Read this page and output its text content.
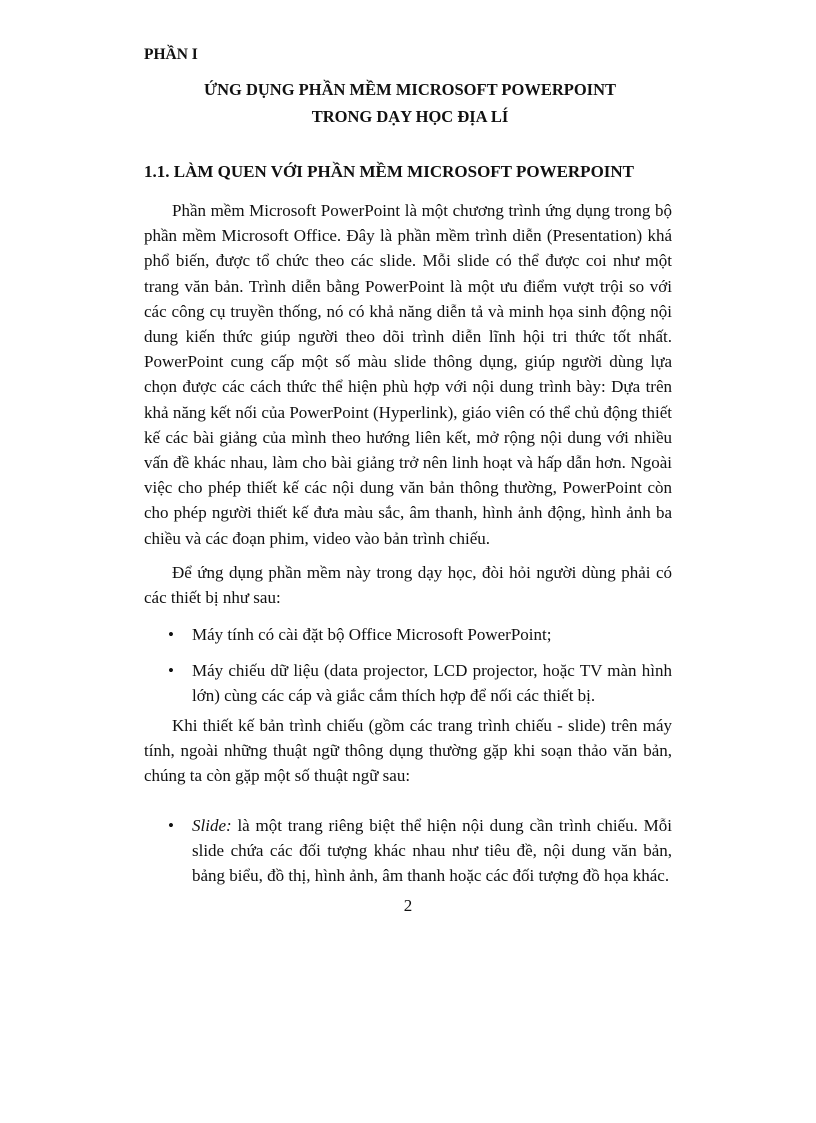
PHẦN I
ỨNG DỤNG PHẦN MỀM MICROSOFT POWERPOINT
TRONG DẠY HỌC ĐỊA LÍ
1.1. LÀM QUEN VỚI PHẦN MỀM MICROSOFT POWERPOINT
Phần mềm Microsoft PowerPoint là một chương trình ứng dụng trong bộ phần mềm Microsoft Office. Đây là phần mềm trình diễn (Presentation) khá phổ biến, được tổ chức theo các slide. Mỗi slide có thể được coi như một trang văn bản. Trình diễn bằng PowerPoint là một ưu điểm vượt trội so với các công cụ truyền thống, nó có khả năng diễn tả và minh họa sinh động nội dung kiến thức giúp người theo dõi trình diễn lĩnh hội tri thức tốt nhất. PowerPoint cung cấp một số màu slide thông dụng, giúp người dùng lựa chọn được các cách thức thể hiện phù hợp với nội dung trình bày: Dựa trên khả năng kết nối của PowerPoint (Hyperlink), giáo viên có thể chủ động thiết kế các bài giảng của mình theo hướng liên kết, mở rộng nội dung với nhiều vấn đề khác nhau, làm cho bài giảng trở nên linh hoạt và hấp dẫn hơn. Ngoài việc cho phép thiết kế các nội dung văn bản thông thường, PowerPoint còn cho phép người thiết kế đưa màu sắc, âm thanh, hình ảnh động, hình ảnh ba chiều và các đoạn phim, video vào bản trình chiếu.
Để ứng dụng phần mềm này trong dạy học, đòi hỏi người dùng phải có các thiết bị như sau:
• Máy tính có cài đặt bộ Office Microsoft PowerPoint;
• Máy chiếu dữ liệu (data projector, LCD projector, hoặc TV màn hình lớn) cùng các cáp và giắc cắm thích hợp để nối các thiết bị.
Khi thiết kế bản trình chiếu (gồm các trang trình chiếu - slide) trên máy tính, ngoài những thuật ngữ thông dụng thường gặp khi soạn thảo văn bản, chúng ta còn gặp một số thuật ngữ sau:
• Slide: là một trang riêng biệt thể hiện nội dung cần trình chiếu. Mỗi slide chứa các đối tượng khác nhau như tiêu đề, nội dung văn bản, bảng biểu, đồ thị, hình ảnh, âm thanh hoặc các đối tượng đồ họa khác.
2
